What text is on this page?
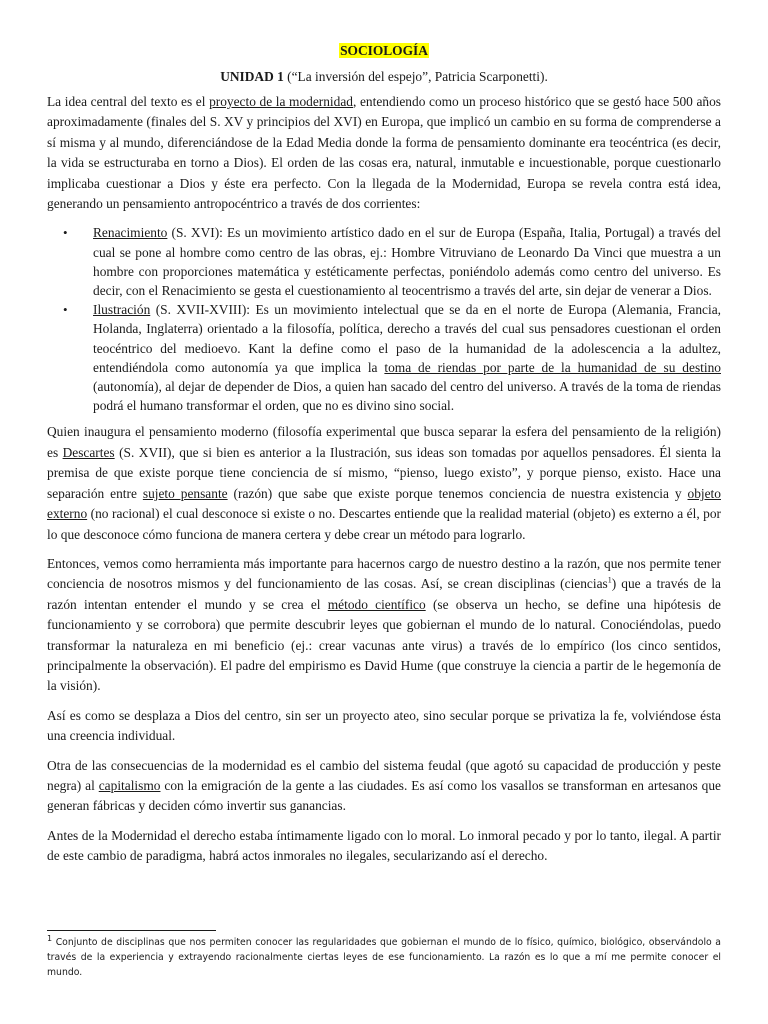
SOCIOLOGÍA
UNIDAD 1 (“La inversión del espejo”, Patricia Scarponetti).

La idea central del texto es el proyecto de la modernidad, entendiendo como un proceso histórico que se gestó hace 500 años aproximadamente (finales del S. XV y principios del XVI) en Europa, que implicó un cambio en su forma de comprenderse a sí misma y al mundo, diferenciándose de la Edad Media donde la forma de pensamiento dominante era teocéntrica (es decir, la vida se estructuraba en torno a Dios). El orden de las cosas era, natural, inmutable e incuestionable, porque cuestionarlo implicaba cuestionar a Dios y éste era perfecto. Con la llegada de la Modernidad, Europa se revela contra está idea, generando un pensamiento antropocéntrico a través de dos corrientes:

• Renacimiento (S. XVI): Es un movimiento artístico dado en el sur de Europa (España, Italia, Portugal) a través del cual se pone al hombre como centro de las obras, ej.: Hombre Vitruviano de Leonardo Da Vinci que muestra a un hombre con proporciones matemática y estéticamente perfectas, poniéndolo además como centro del universo. Es decir, con el Renacimiento se gesta el cuestionamiento al teocentrismo a través del arte, sin dejar de venerar a Dios.
• Ilustración (S. XVII-XVIII): Es un movimiento intelectual que se da en el norte de Europa (Alemania, Francia, Holanda, Inglaterra) orientado a la filosofía, política, derecho a través del cual sus pensadores cuestionan el orden teocéntrico del medioevo. Kant la define como el paso de la humanidad de la adolescencia a la adultez, entendiéndola como autonomía ya que implica la toma de riendas por parte de la humanidad de su destino (autonomía), al dejar de depender de Dios, a quien han sacado del centro del universo. A través de la toma de riendas podrá el humano transformar el orden, que no es divino sino social.

Quien inaugura el pensamiento moderno (filosofía experimental que busca separar la esfera del pensamiento de la religión) es Descartes (S. XVII), que si bien es anterior a la Ilustración, sus ideas son tomadas por aquellos pensadores. Él sienta la premisa de que existe porque tiene conciencia de sí mismo, “pienso, luego existo”, y porque pienso, existo. Hace una separación entre sujeto pensante (razón) que sabe que existe porque tenemos conciencia de nuestra existencia y objeto externo (no racional) el cual desconoce si existe o no. Descartes entiende que la realidad material (objeto) es externo a él, por lo que desconoce cómo funciona de manera certera y debe crear un método para lograrlo.

Entonces, vemos como herramienta más importante para hacernos cargo de nuestro destino a la razón, que nos permite tener conciencia de nosotros mismos y del funcionamiento de las cosas. Así, se crean disciplinas (ciencias$^1$) que a través de la razón intentan entender el mundo y se crea el método científico (se observa un hecho, se define una hipótesis de funcionamiento y se corrobora) que permite descubrir leyes que gobiernan el mundo de lo natural. Conociéndolas, puedo transformar la naturaleza en mi beneficio (ej.: crear vacunas ante virus) a través de lo empírico (los cinco sentidos, principalmente la observación). El padre del empirismo es David Hume (que construye la ciencia a partir de le hegemonía de la visión).

Así es como se desplaza a Dios del centro, sin ser un proyecto ateo, sino secular porque se privatiza la fe, volviéndose ésta una creencia individual.

Otra de las consecuencias de la modernidad es el cambio del sistema feudal (que agotó su capacidad de producción y peste negra) al capitalismo con la emigración de la gente a las ciudades. Es así como los vasallos se transforman en artesanos que generan fábricas y deciden cómo invertir sus ganancias.

Antes de la Modernidad el derecho estaba íntimamente ligado con lo moral. Lo inmoral pecado y por lo tanto, ilegal. A partir de este cambio de paradigma, habrá actos inmorales no ilegales, secularizando así el derecho.

$^1$ Conjunto de disciplinas que nos permiten conocer las regularidades que gobiernan el mundo de lo físico, químico, biológico, observándolo a través de la experiencia y extrayendo racionalmente ciertas leyes de ese funcionamiento. La razón es lo que a mí me permite conocer el mundo.
